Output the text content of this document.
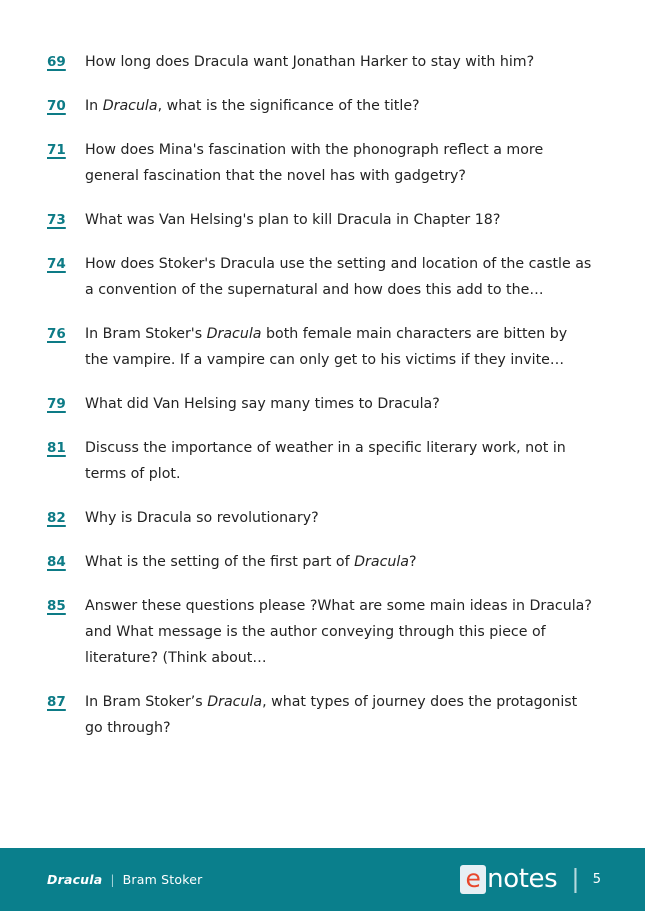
69	How long does Dracula want Jonathan Harker to stay with him?
70	In Dracula, what is the significance of the title?
71	How does Mina's fascination with the phonograph reflect a more general fascination that the novel has with gadgetry?
73	What was Van Helsing's plan to kill Dracula in Chapter 18?
74	How does Stoker's Dracula use the setting and location of the castle as a convention of the supernatural and how does this add to the…
76	In Bram Stoker's Dracula both female main characters are bitten by the vampire. If a vampire can only get to his victims if they invite…
79	What did Van Helsing say many times to Dracula?
81	Discuss the importance of weather in a specific literary work, not in terms of plot.
82	Why is Dracula so revolutionary?
84	What is the setting of the first part of Dracula?
85	Answer these questions please ?What are some main ideas in Dracula? and What message is the author conveying through this piece of literature? (Think about…
87	In Bram Stoker’s Dracula, what types of journey does the protagonist go through?
Dracula | Bram Stoker	e notes | 5
